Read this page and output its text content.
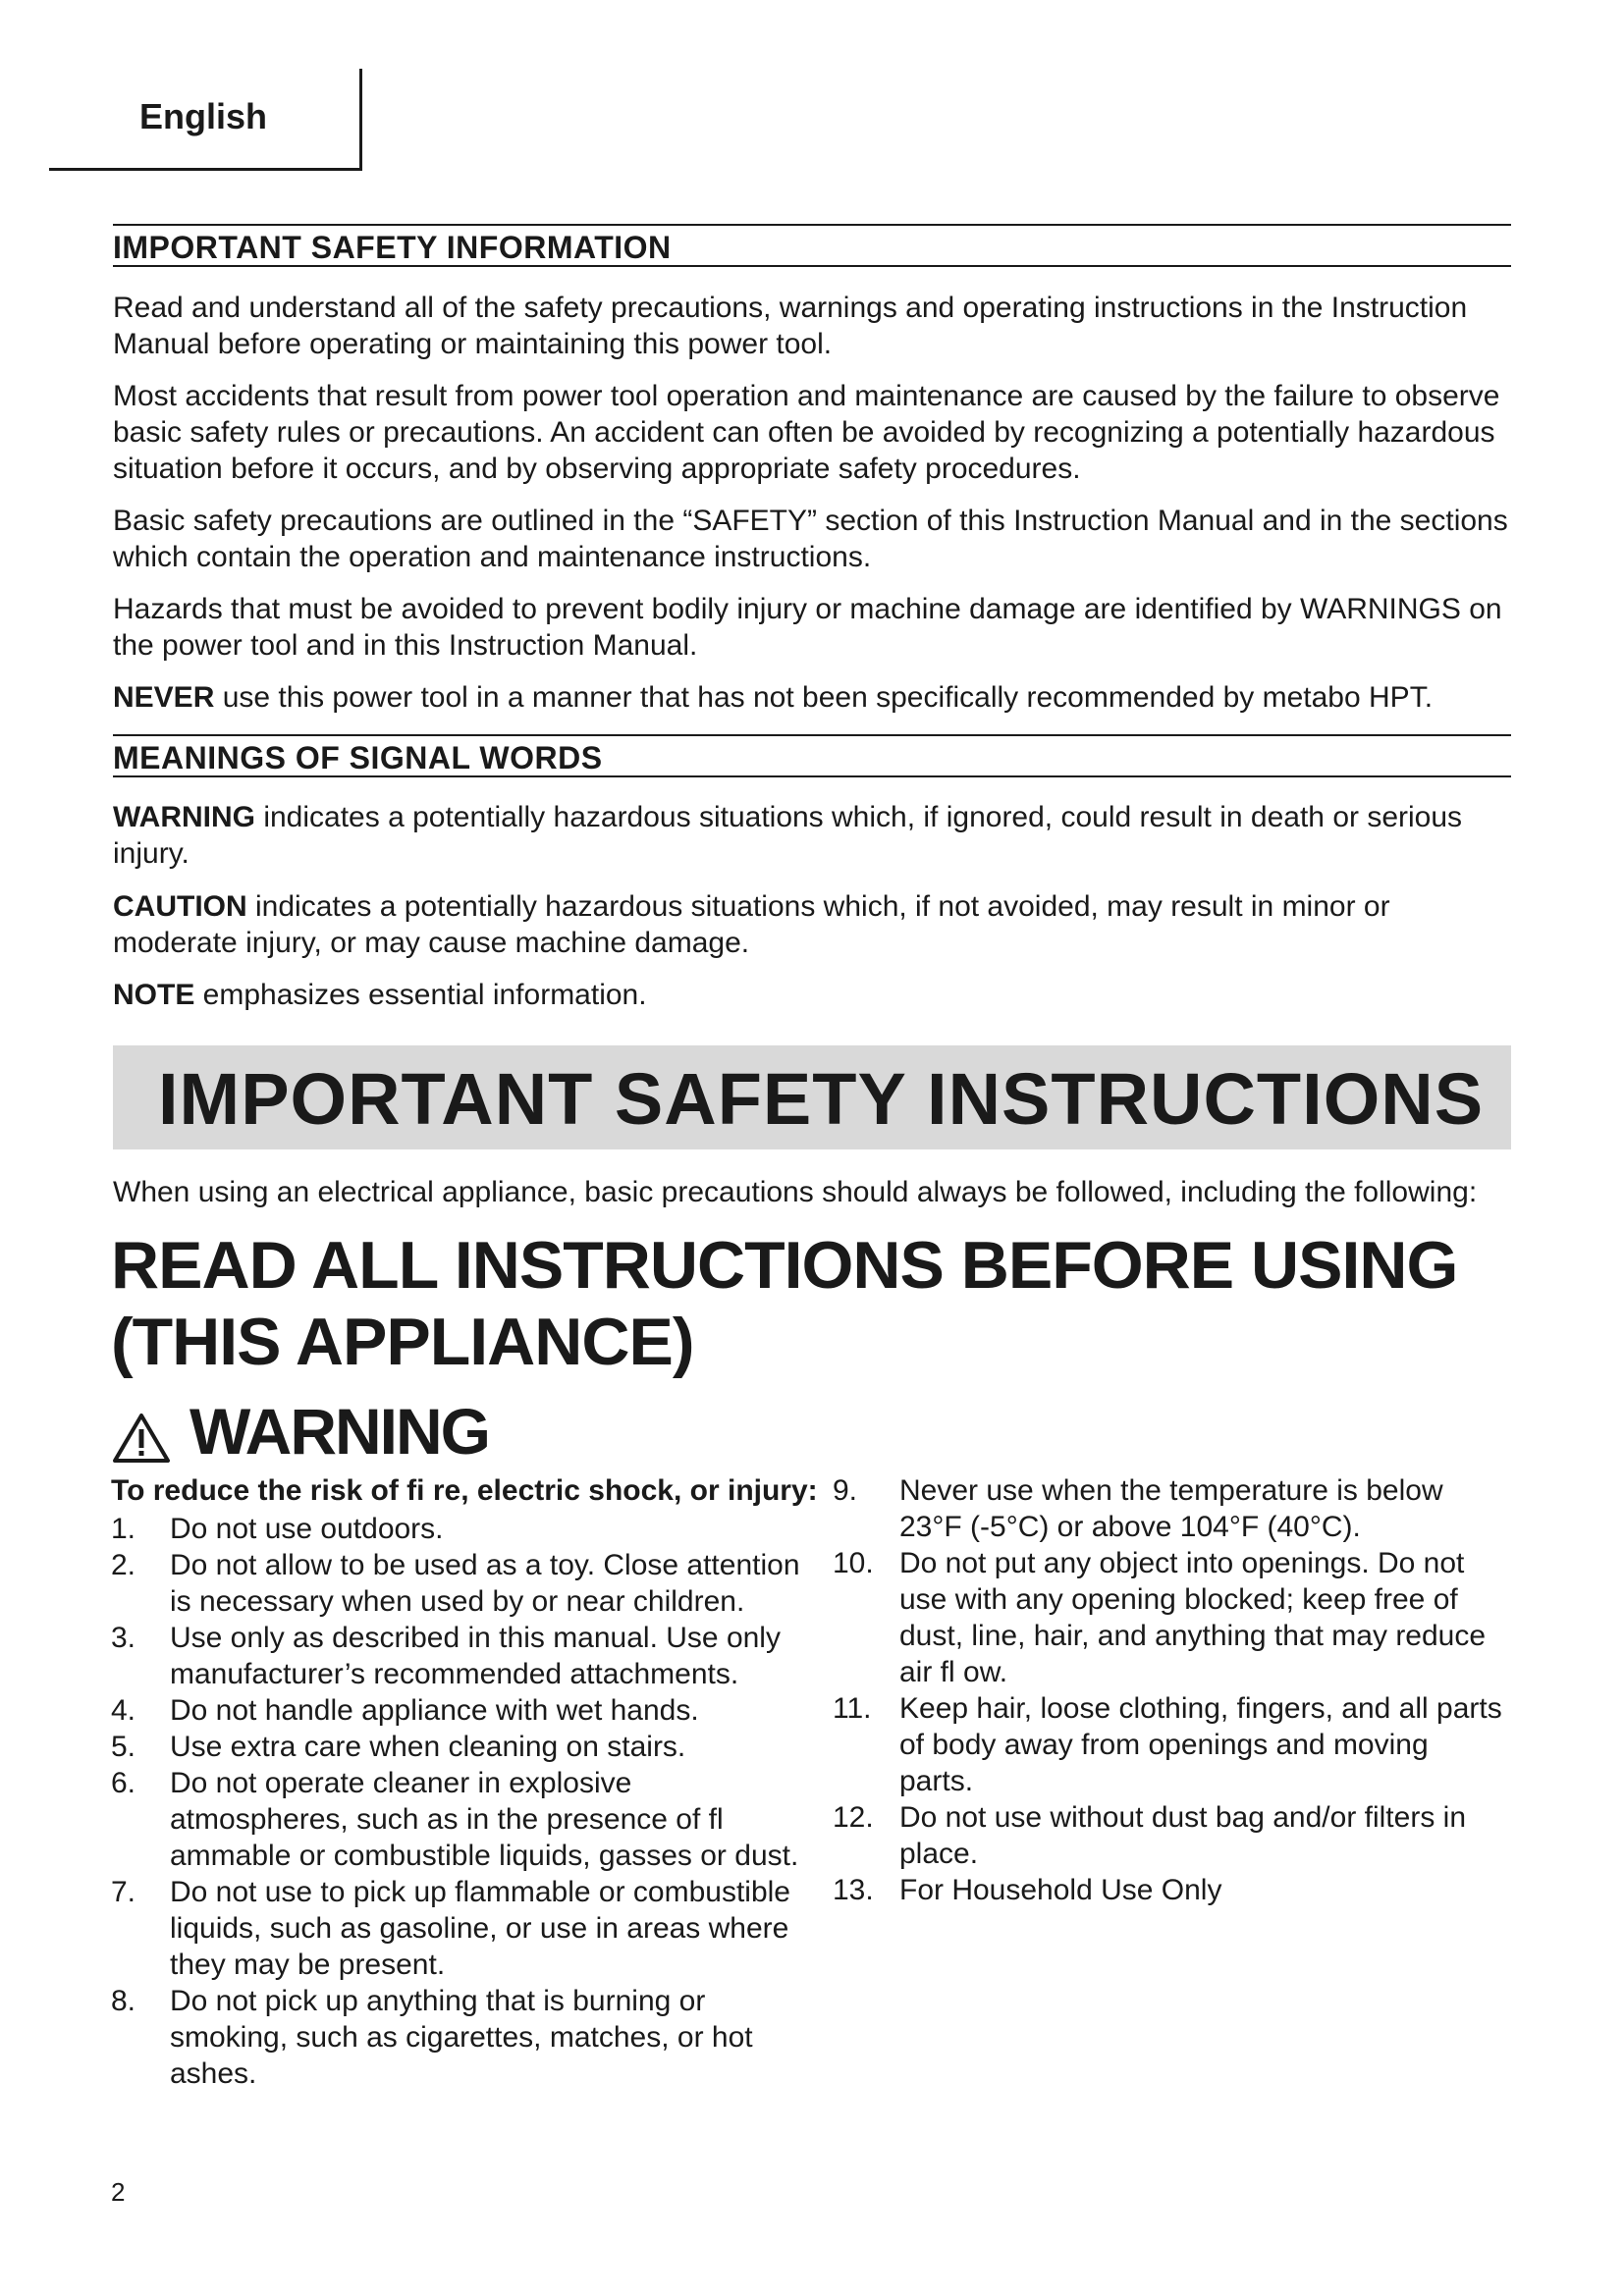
English
IMPORTANT SAFETY INFORMATION
Read and understand all of the safety precautions, warnings and operating instructions in the Instruction Manual before operating or maintaining this power tool.
Most accidents that result from power tool operation and maintenance are caused by the failure to observe basic safety rules or precautions. An accident can often be avoided by recognizing a potentially hazardous situation before it occurs, and by observing appropriate safety procedures.
Basic safety precautions are outlined in the “SAFETY” section of this Instruction Manual and in the sections which contain the operation and maintenance instructions.
Hazards that must be avoided to prevent bodily injury or machine damage are identified by WARNINGS on the power tool and in this Instruction Manual.
NEVER use this power tool in a manner that has not been specifically recommended by metabo HPT.
MEANINGS OF SIGNAL WORDS
WARNING indicates a potentially hazardous situations which, if ignored, could result in death or serious injury.
CAUTION indicates a potentially hazardous situations which, if not avoided, may result in minor or moderate injury, or may cause machine damage.
NOTE emphasizes essential information.
IMPORTANT SAFETY INSTRUCTIONS
When using an electrical appliance, basic precautions should always be followed, including the following:
READ ALL INSTRUCTIONS BEFORE USING (THIS APPLIANCE)
WARNING
To reduce the risk of fi re, electric shock, or injury:
1. Do not use outdoors.
2. Do not allow to be used as a toy. Close attention is necessary when used by or near children.
3. Use only as described in this manual. Use only manufacturer’s recommended attachments.
4. Do not handle appliance with wet hands.
5. Use extra care when cleaning on stairs.
6. Do not operate cleaner in explosive atmospheres, such as in the presence of fl ammable or combustible liquids, gasses or dust.
7. Do not use to pick up flammable or combustible liquids, such as gasoline, or use in areas where they may be present.
8. Do not pick up anything that is burning or smoking, such as cigarettes, matches, or hot ashes.
9. Never use when the temperature is below 23°F (-5°C) or above 104°F (40°C).
10. Do not put any object into openings. Do not use with any opening blocked; keep free of dust, line, hair, and anything that may reduce air fl ow.
11. Keep hair, loose clothing, fingers, and all parts of body away from openings and moving parts.
12. Do not use without dust bag and/or filters in place.
13. For Household Use Only
2
